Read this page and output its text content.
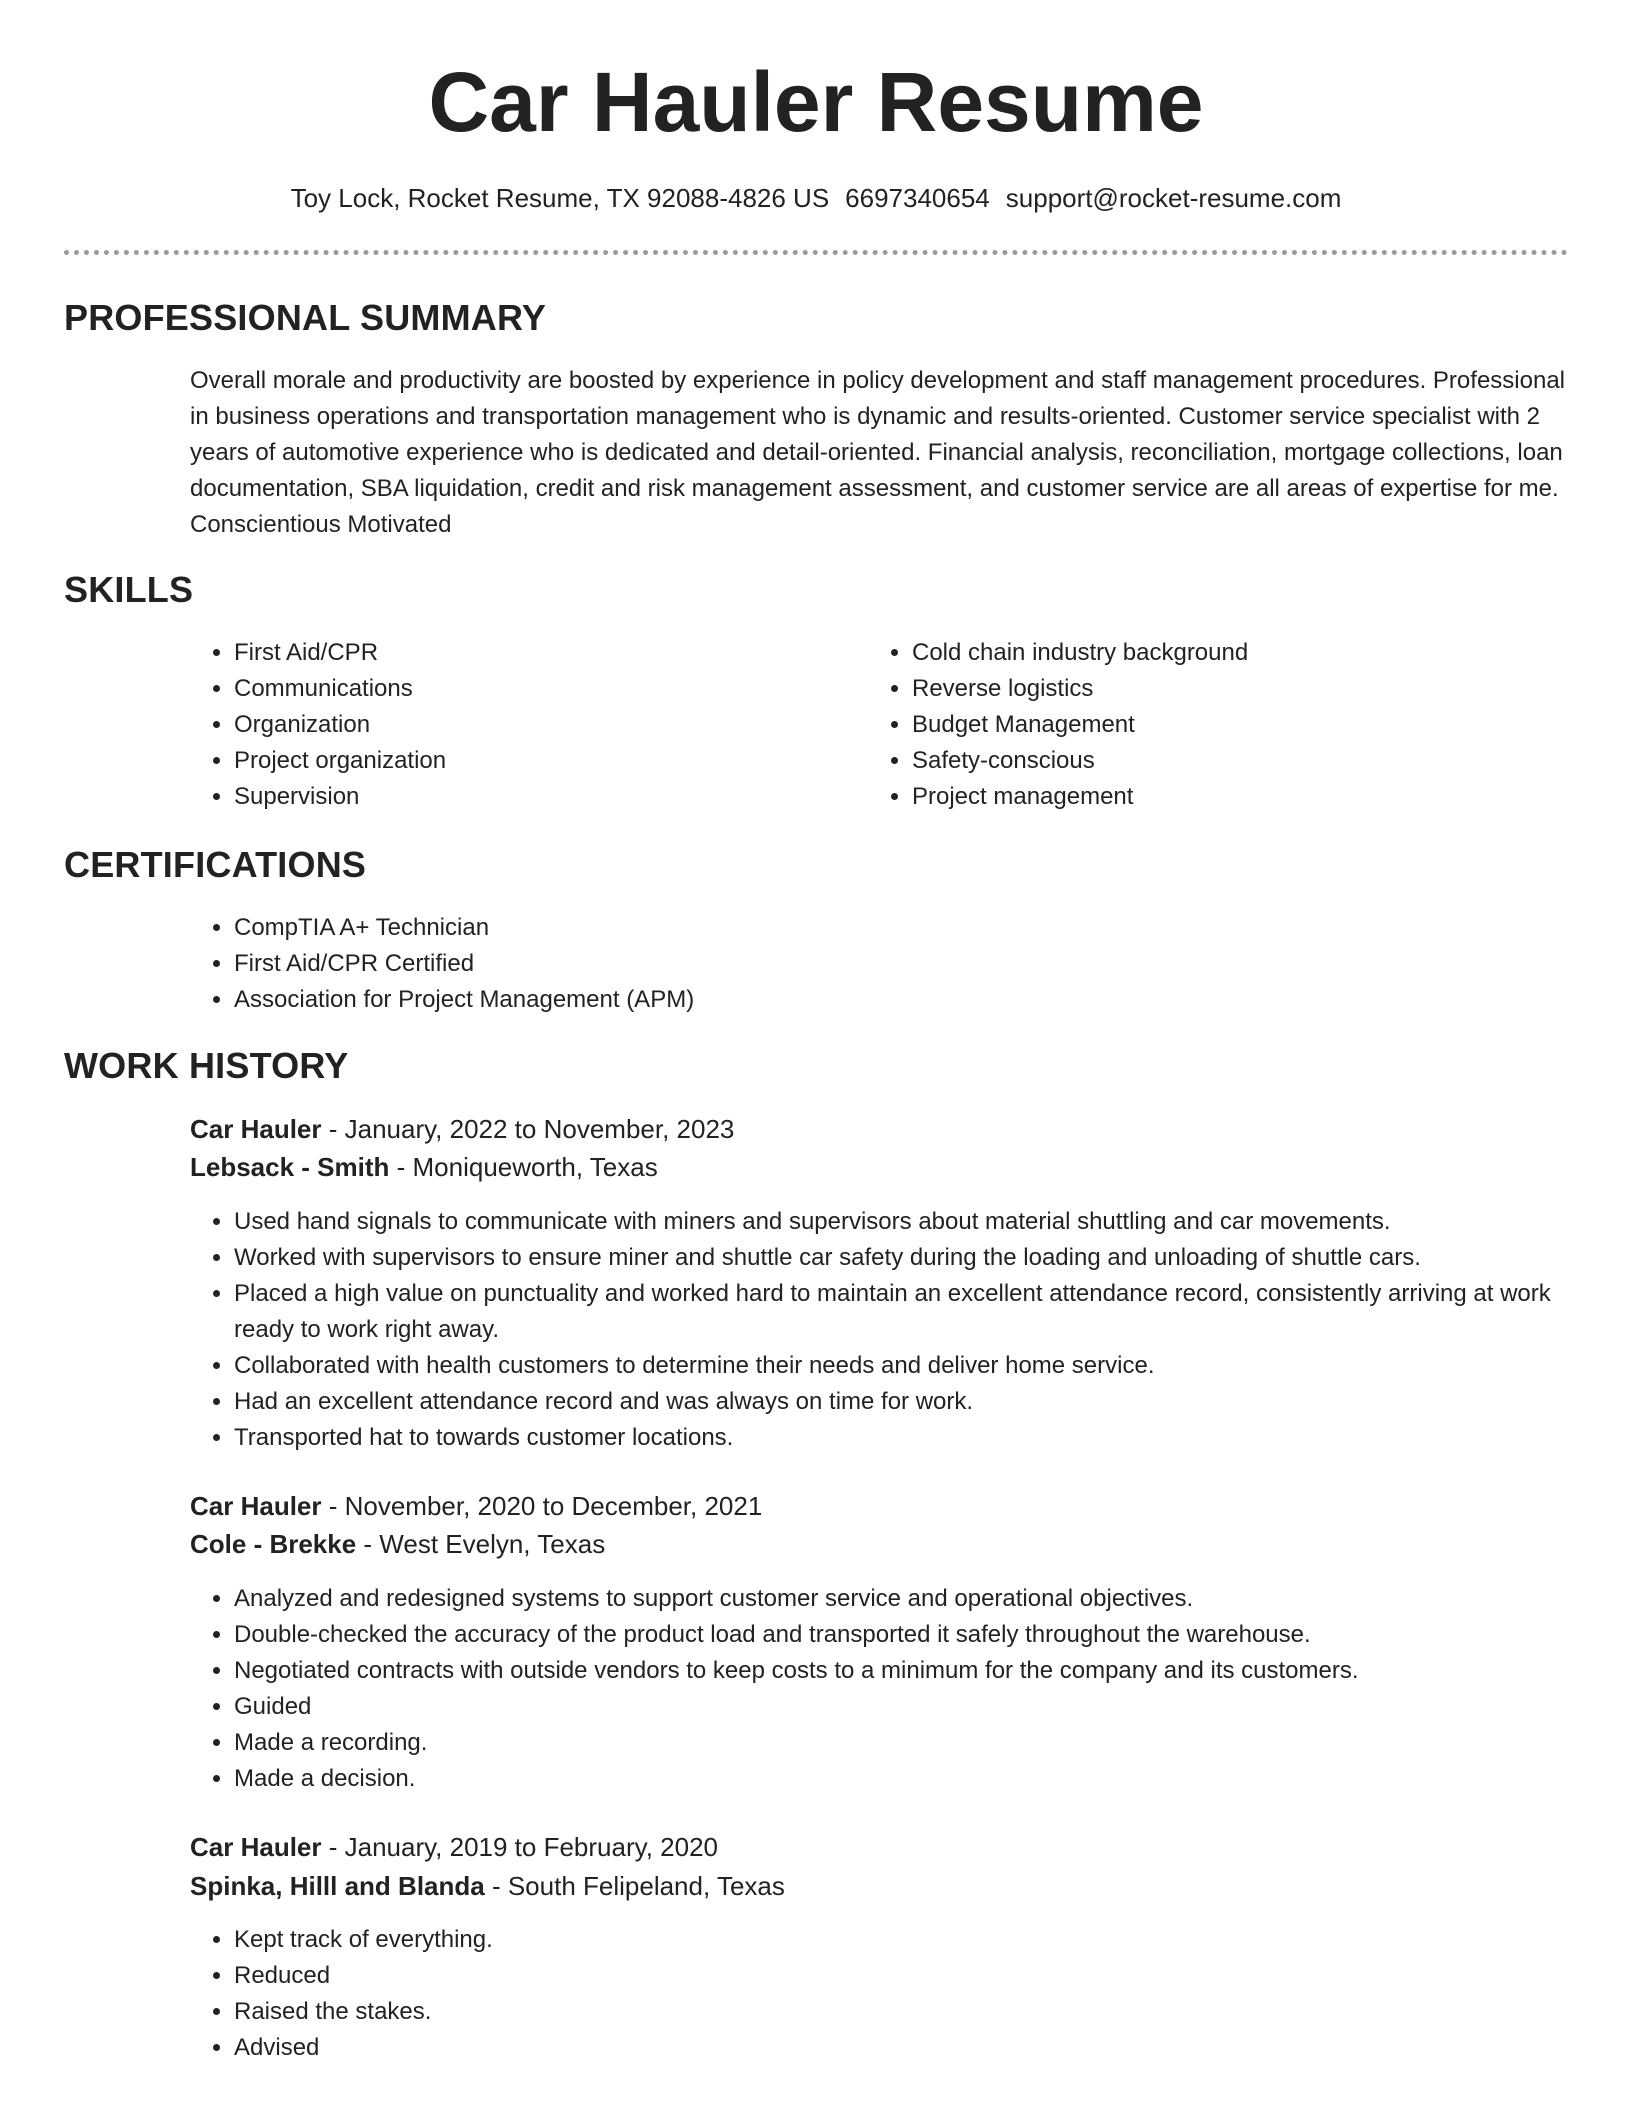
Car Hauler Resume
Toy Lock, Rocket Resume, TX 92088-4826 US 6697340654 support@rocket-resume.com
PROFESSIONAL SUMMARY

Overall morale and productivity are boosted by experience in policy development and staff management procedures. Professional in business operations and transportation management who is dynamic and results-oriented. Customer service specialist with 2 years of automotive experience who is dedicated and detail-oriented. Financial analysis, reconciliation, mortgage collections, loan documentation, SBA liquidation, credit and risk management assessment, and customer service are all areas of expertise for me. Conscientious Motivated

SKILLS
• First Aid/CPR
• Communications
• Organization
• Project organization
• Supervision
• Cold chain industry background
• Reverse logistics
• Budget Management
• Safety-conscious
• Project management
CERTIFICATIONS
• CompTIA A+ Technician
• First Aid/CPR Certified
• Association for Project Management (APM)
WORK HISTORY
Car Hauler - January, 2022 to November, 2023
Lebsack - Smith - Moniqueworth, Texas
• Used hand signals to communicate with miners and supervisors about material shuttling and car movements.
• Worked with supervisors to ensure miner and shuttle car safety during the loading and unloading of shuttle cars.
• Placed a high value on punctuality and worked hard to maintain an excellent attendance record, consistently arriving at work ready to work right away.
• Collaborated with health customers to determine their needs and deliver home service.
• Had an excellent attendance record and was always on time for work.
• Transported hat to towards customer locations.
Car Hauler - November, 2020 to December, 2021
Cole - Brekke - West Evelyn, Texas
• Analyzed and redesigned systems to support customer service and operational objectives.
• Double-checked the accuracy of the product load and transported it safely throughout the warehouse.
• Negotiated contracts with outside vendors to keep costs to a minimum for the company and its customers.
• Guided
• Made a recording.
• Made a decision.
Car Hauler - January, 2019 to February, 2020
Spinka, Hilll and Blanda - South Felipeland, Texas
• Kept track of everything.
• Reduced
• Raised the stakes.
• Advised
